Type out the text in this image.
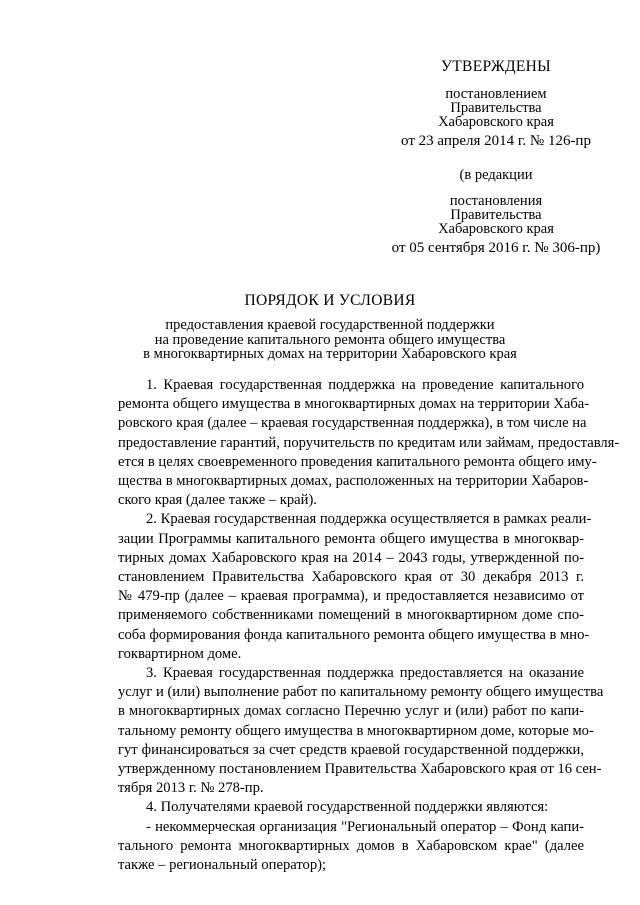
УТВЕРЖДЕНЫ
постановлением
Правительства
Хабаровского края
от 23 апреля 2014 г. № 126-пр
(в редакции
постановления
Правительства
Хабаровского края
от 05 сентября 2016 г. № 306-пр)
ПОРЯДОК И УСЛОВИЯ
предоставления краевой государственной поддержки
на проведение капитального ремонта общего имущества
в многоквартирных домах на территории Хабаровского края
1. Краевая государственная поддержка на проведение капитального
ремонта общего имущества в многоквартирных домах на территории Хаба-
ровского края (далее – краевая государственная поддержка), в том числе на
предоставление гарантий, поручительств по кредитам или займам, предоставля-
ется в целях своевременного проведения капитального ремонта общего иму-
щества в многоквартирных домах, расположенных на территории Хабаров-
ского края (далее также – край).
2. Краевая государственная поддержка осуществляется в рамках реали-
зации Программы капитального ремонта общего имущества в многоквар-
тирных домах Хабаровского края на 2014 – 2043 годы, утвержденной по-
становлением Правительства Хабаровского края от 30 декабря 2013 г.
№ 479-пр (далее – краевая программа), и предоставляется независимо от
применяемого собственниками помещений в многоквартирном доме спо-
соба формирования фонда капитального ремонта общего имущества в мно-
гоквартирном доме.
3. Краевая государственная поддержка предоставляется на оказание
услуг и (или) выполнение работ по капитальному ремонту общего имущества
в многоквартирных домах согласно Перечню услуг и (или) работ по капи-
тальному ремонту общего имущества в многоквартирном доме, которые мо-
гут финансироваться за счет средств краевой государственной поддержки,
утвержденному постановлением Правительства Хабаровского края от 16 сен-
тября 2013 г. № 278-пр.
4. Получателями краевой государственной поддержки являются:
- некоммерческая организация "Региональный оператор – Фонд капи-
тального ремонта многоквартирных домов в Хабаровском крае" (далее
также – региональный оператор);
